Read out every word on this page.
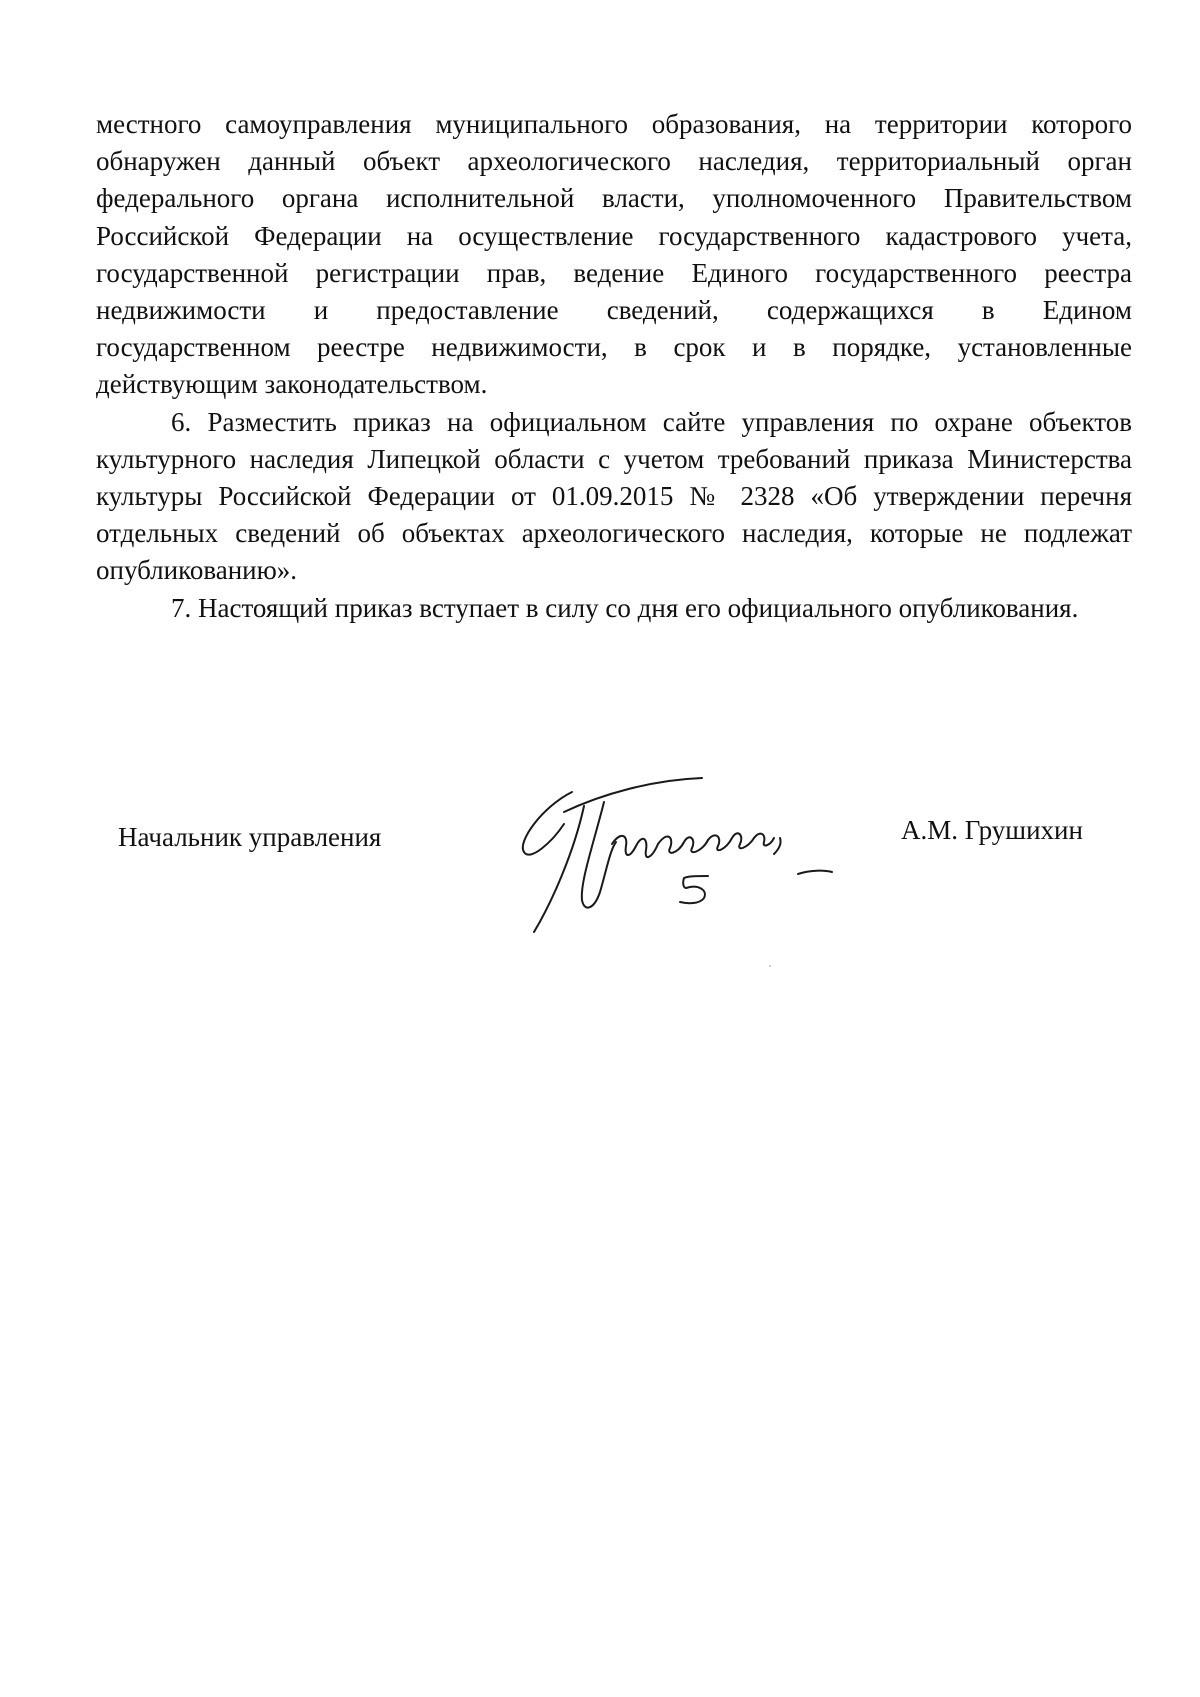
местного самоуправления муниципального образования, на территории которого
обнаружен данный объект археологического наследия, территориальный орган
федерального органа исполнительной власти, уполномоченного Правительством
Российской Федерации на осуществление государственного кадастрового учета,
государственной регистрации прав, ведение Единого государственного реестра
недвижимости и предоставление сведений, содержащихся в Едином
государственном реестре недвижимости, в срок и в порядке, установленные
действующим законодательством.

6. Разместить приказ на официальном сайте управления по охране объектов
культурного наследия Липецкой области с учетом требований приказа Министерства
культуры Российской Федерации от 01.09.2015 № 2328 «Об утверждении перечня
отдельных сведений об объектах археологического наследия, которые не подлежат
опубликованию».

7. Настоящий приказ вступает в силу со дня его официального опубликования.

Начальник управления	А.М. Грушихин
